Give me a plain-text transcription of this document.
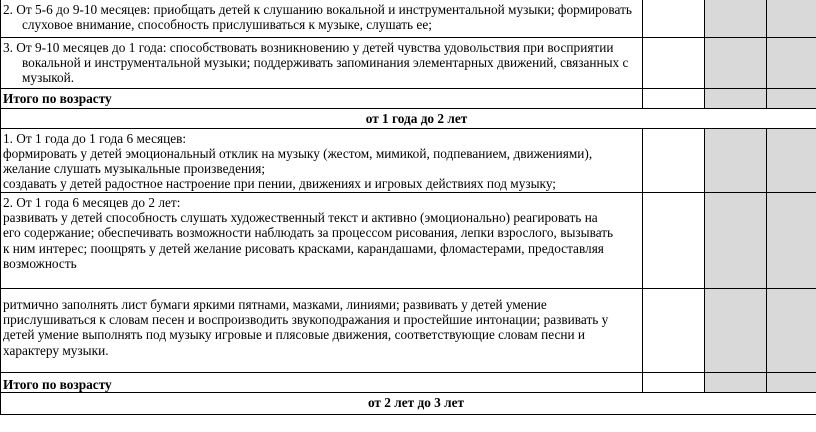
2. От 5-6 до 9-10 месяцев: приобщать детей к слушанию вокальной и инструментальной музыки; формировать
слуховое внимание, способность прислушиваться к музыке, слушать ее;			

3. От 9-10 месяцев до 1 года: способствовать возникновению у детей чувства удовольствия при восприятии
вокальной и инструментальной музыки; поддерживать запоминания элементарных движений, связанных с
музыкой.			

Итого по возрасту			
от 1 года до 2 лет			

1. От 1 года до 1 года 6 месяцев:
формировать у детей эмоциональный отклик на музыку (жестом, мимикой, подпеванием, движениями),
желание слушать музыкальные произведения;
создавать у детей радостное настроение при пении, движениях и игровых действиях под музыку;			

2. От 1 года 6 месяцев до 2 лет:
развивать у детей способность слушать художественный текст и активно (эмоционально) реагировать на
его содержание; обеспечивать возможности наблюдать за процессом рисования, лепки взрослого, вызывать
к ним интерес; поощрять у детей желание рисовать красками, карандашами, фломастерами, предоставляя
возможность			

ритмично заполнять лист бумаги яркими пятнами, мазками, линиями; развивать у детей умение
прислушиваться к словам песен и воспроизводить звукоподражания и простейшие интонации; развивать у
детей умение выполнять под музыку игровые и плясовые движения, соответствующие словам песни и
характеру музыки.			

Итого по возрасту			
от 2 лет до 3 лет			
